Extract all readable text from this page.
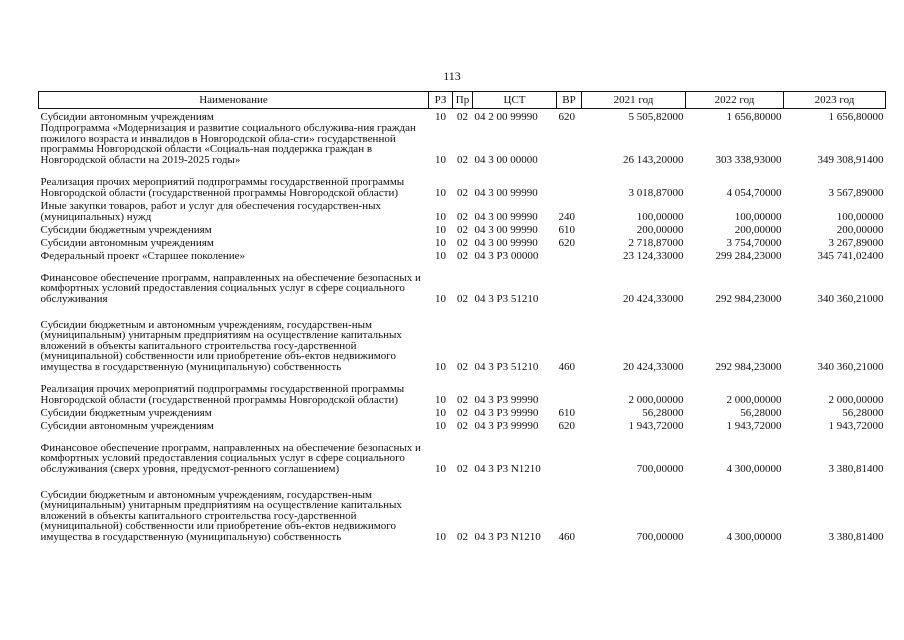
113
Наименование	РЗ	Пр	ЦСТ	ВР	2021 год	2022 год	2023 год
Субсидии автономным учреждениям	10	02	04 2 00 99990	620	5 505,82000	1 656,80000	1 656,80000
Подпрограмма «Модернизация и развитие социального обслужива-ния граждан пожилого возраста и инвалидов в Новгородской обла-сти» государственной программы Новгородской области «Социаль-ная поддержка граждан в Новгородской области на 2019-2025 годы»	10	02	04 3 00 00000		26 143,20000	303 338,93000	349 308,91400
Реализация прочих мероприятий подпрограммы государственной программы Новгородской области (государственной программы Новгородской области)	10	02	04 3 00 99990		3 018,87000	4 054,70000	3 567,89000
Иные закупки товаров, работ и услуг для обеспечения государствен-ных (муниципальных) нужд	10	02	04 3 00 99990	240	100,00000	100,00000	100,00000
Субсидии бюджетным учреждениям	10	02	04 3 00 99990	610	200,00000	200,00000	200,00000
Субсидии автономным учреждениям	10	02	04 3 00 99990	620	2 718,87000	3 754,70000	3 267,89000
Федеральный проект «Старшее поколение»	10	02	04 3 P3 00000		23 124,33000	299 284,23000	345 741,02400
Финансовое обеспечение программ, направленных на обеспечение безопасных и комфортных условий предоставления социальных услуг в сфере социального обслуживания	10	02	04 3 P3 51210		20 424,33000	292 984,23000	340 360,21000
Субсидии бюджетным и автономным учреждениям, государствен-ным (муниципальным) унитарным предприятиям на осуществление капитальных вложений в объекты капитального строительства госу-дарственной (муниципальной) собственности или приобретение объ-ектов недвижимого имущества в государственную (муниципальную) собственность	10	02	04 3 P3 51210	460	20 424,33000	292 984,23000	340 360,21000
Реализация прочих мероприятий подпрограммы государственной программы Новгородской области (государственной программы Новгородской области)	10	02	04 3 P3 99990		2 000,00000	2 000,00000	2 000,00000
Субсидии бюджетным учреждениям	10	02	04 3 P3 99990	610	56,28000	56,28000	56,28000
Субсидии автономным учреждениям	10	02	04 3 P3 99990	620	1 943,72000	1 943,72000	1 943,72000
Финансовое обеспечение программ, направленных на обеспечение безопасных и комфортных условий предоставления социальных услуг в сфере социального обслуживания (сверх уровня, предусмот-ренного соглашением)	10	02	04 3 P3 N1210		700,00000	4 300,00000	3 380,81400
Субсидии бюджетным и автономным учреждениям, государствен-ным (муниципальным) унитарным предприятиям на осуществление капитальных вложений в объекты капитального строительства госу-дарственной (муниципальной) собственности или приобретение объ-ектов недвижимого имущества в государственную (муниципальную) собственность	10	02	04 3 P3 N1210	460	700,00000	4 300,00000	3 380,81400
